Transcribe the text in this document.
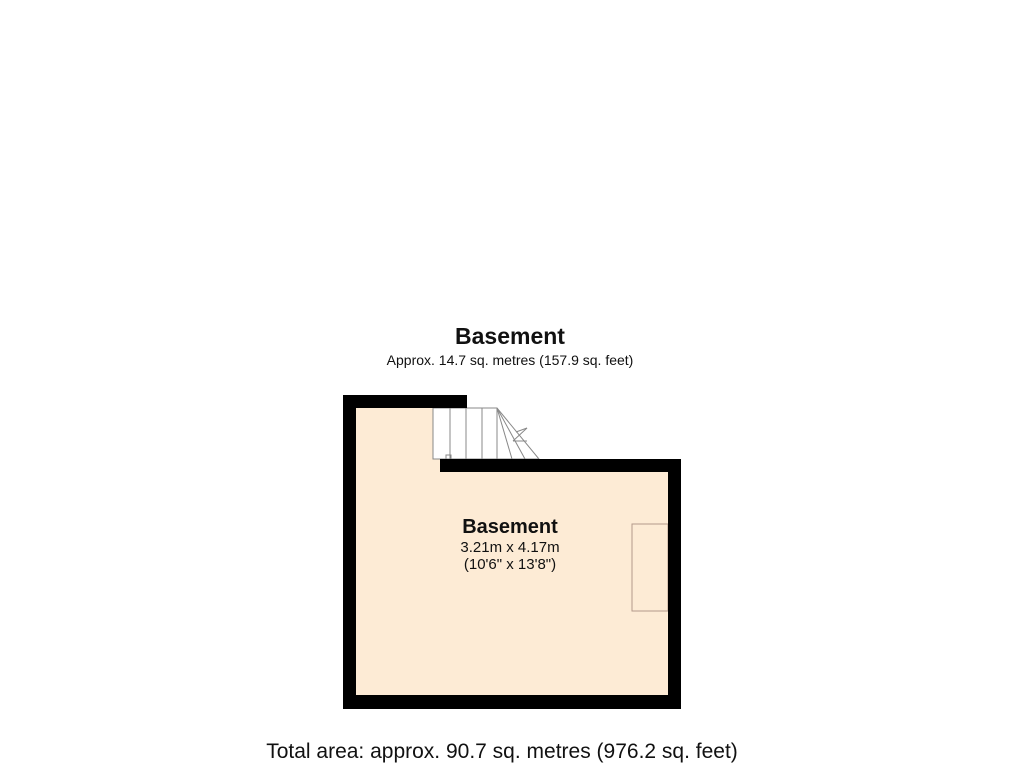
Basement
Approx. 14.7 sq. metres (157.9 sq. feet)
Basement
3.21m x 4.17m
(10'6" x 13'8")
Total area: approx. 90.7 sq. metres (976.2 sq. feet)
